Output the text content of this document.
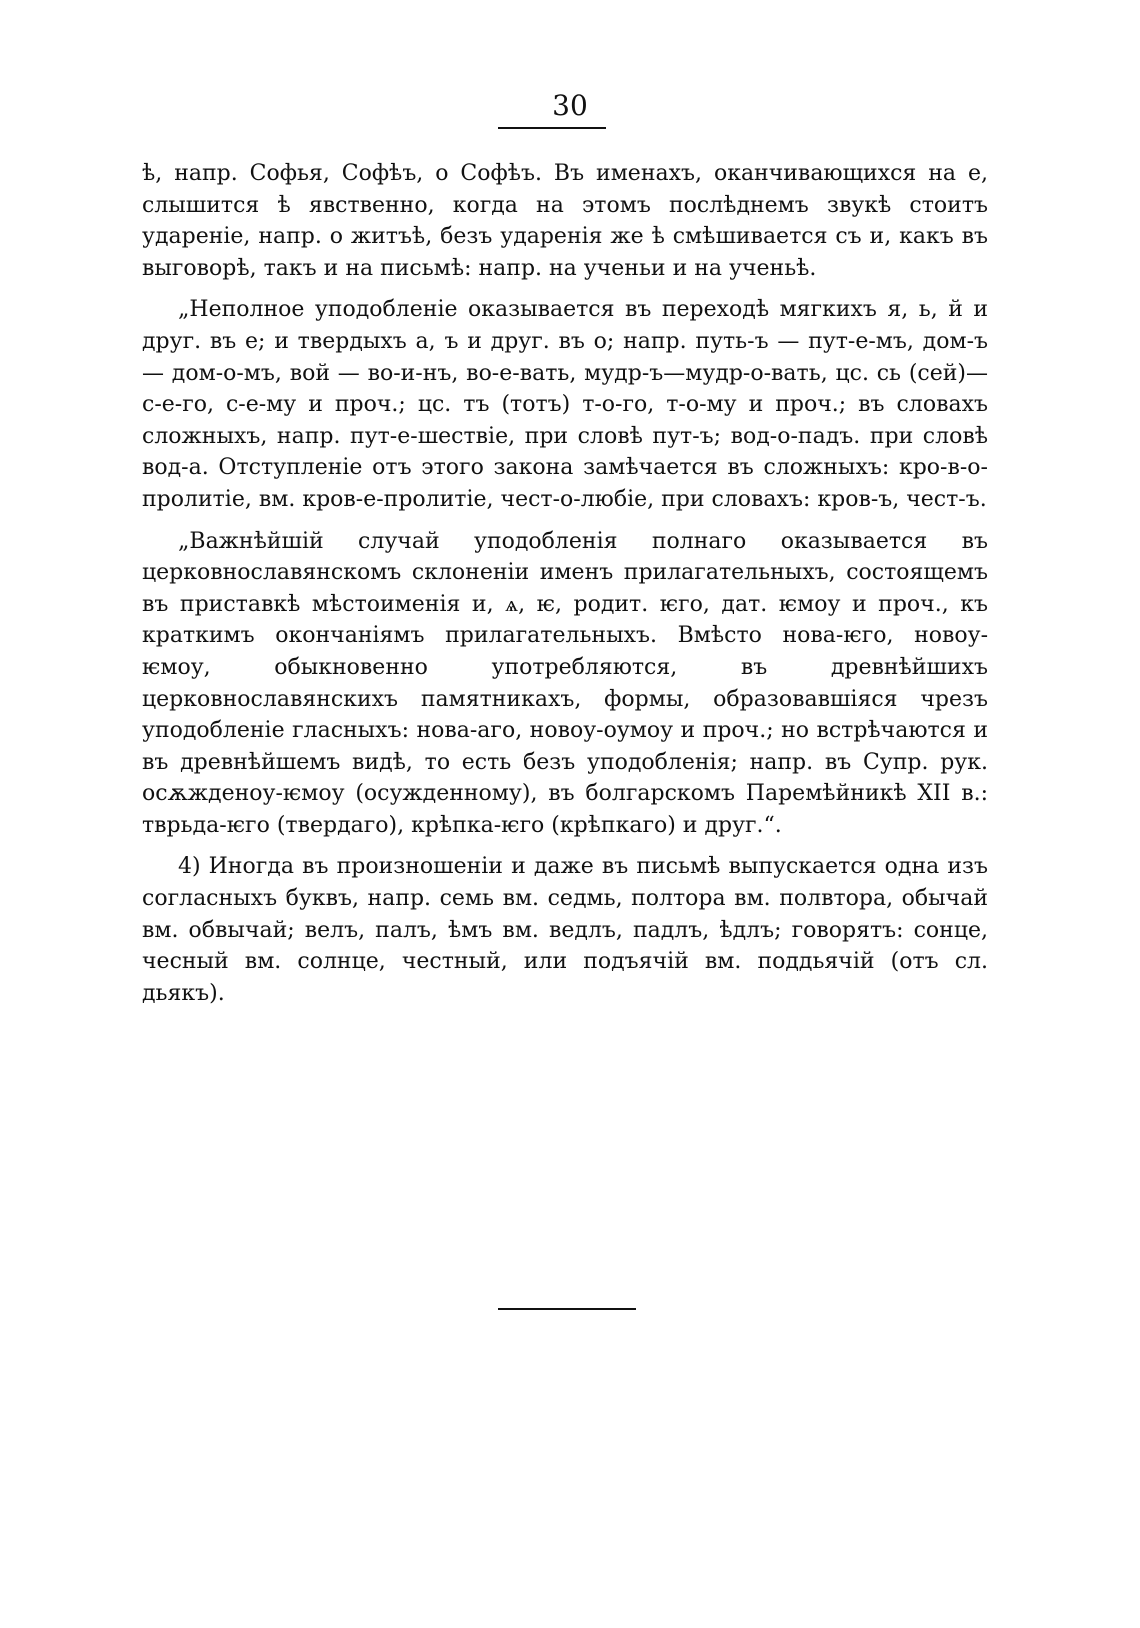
30

ѣ, напр. Софья, Софѣъ, о Софѣъ. Въ именахъ, оканчивающихся на е, слышится ѣ явственно, когда на этомъ послѣднемъ звукѣ стоитъ удареніе, напр. о житъѣ, безъ ударенія же ѣ смѣшивается съ и, какъ въ выговорѣ, такъ и на письмѣ: напр. на ученьи и на ученьѣ.

„Неполное уподобленіе оказывается въ переходѣ мягкихъ я, ь, й и друг. въ е; и твердыхъ а, ъ и друг. въ о; напр. путь-ъ — пут-е-мъ, дом-ъ — дом-о-мъ, вой — во-и-нъ, во-е-вать, мудр-ъ—мудр-о-вать, цс. сь (сей)—с-е-го, с-е-му и проч.; цс. тъ (тотъ) т-о-го, т-о-му и проч.; въ словахъ сложныхъ, напр. пут-е-шествіе, при словѣ пут-ъ; вод-о-падъ. при словѣ вод-а. Отступленіе отъ этого закона замѣчается въ сложныхъ: кро-в-о-пролитіе, вм. кров-е-пролитіе, чест-о-любіе, при словахъ: кров-ъ, чест-ъ.

„Важнѣйшій случай уподобленія полнаго оказывается въ церковнославянскомъ склоненіи именъ прилагательныхъ, состоящемъ въ приставкѣ мѣстоименія и, ѧ, ѥ, родит. ѥго, дат. ѥмоу и проч., къ краткимъ окончаніямъ прилагательныхъ. Вмѣсто нова-ѥго, новоу-ѥмоу, обыкновенно употребляются, въ древнѣйшихъ церковнославянскихъ памятникахъ, формы, образовавшіяся чрезъ уподобленіе гласныхъ: нова-аго, новоу-оумоу и проч.; но встрѣчаются и въ древнѣйшемъ видѣ, то есть безъ уподобленія; напр. въ Супр. рук. осѫжденоу-ѥмоу (осужденному), въ болгарскомъ Паремѣйникѣ XII в.: тврьда-ѥго (твердаго), крѣпка-ѥго (крѣпкаго) и друг.“.

4) Иногда въ произношеніи и даже въ письмѣ выпускается одна изъ согласныхъ буквъ, напр. семь вм. седмь, полтора вм. полвтора, обычай вм. обвычай; велъ, палъ, ѣмъ вм. ведлъ, падлъ, ѣдлъ; говорятъ: сонце, чесный вм. солнце, честный, или подъячій вм. поддьячій (отъ сл. дьякъ).
